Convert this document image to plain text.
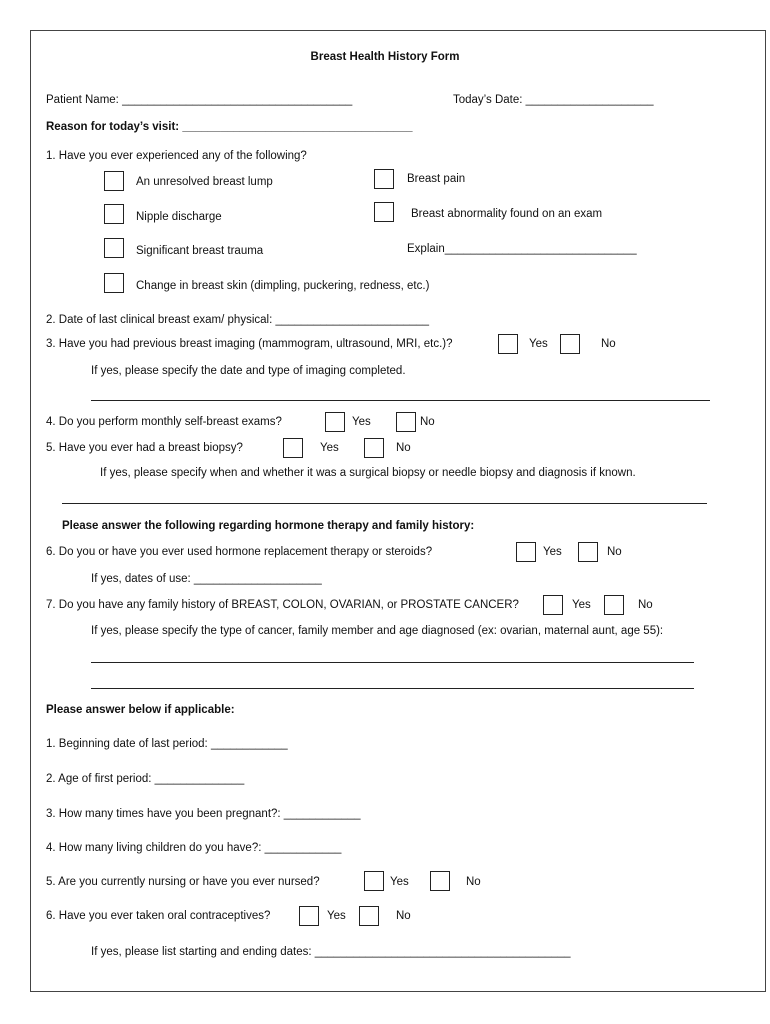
Breast Health History Form
Patient Name: ____________________________________	Today’s Date: ____________________
Reason for today’s visit: ____________________________________
1. Have you ever experienced any of the following?
An unresolved breast lump	Breast pain
Nipple discharge	Breast abnormality found on an exam
Significant breast trauma	Explain______________________________
Change in breast skin (dimpling, puckering, redness, etc.)
2. Date of last clinical breast exam/ physical: ________________________
3. Have you had previous breast imaging (mammogram, ultrasound, MRI, etc.)?	Yes	No
If yes, please specify the date and type of imaging completed.
4. Do you perform monthly self-breast exams?	Yes	No
5. Have you ever had a breast biopsy?	Yes	No
If yes, please specify when and whether it was a surgical biopsy or needle biopsy and diagnosis if known.
Please answer the following regarding hormone therapy and family history:
6. Do you or have you ever used hormone replacement therapy or steroids?	Yes	No
If yes, dates of use: ____________________
7. Do you have any family history of BREAST, COLON, OVARIAN, or PROSTATE CANCER?	Yes	No
If yes, please specify the type of cancer, family member and age diagnosed (ex: ovarian, maternal aunt, age 55):
Please answer below if applicable:
1. Beginning date of last period: ____________
2. Age of first period: ______________
3. How many times have you been pregnant?: ____________
4. How many living children do you have?: ____________
5. Are you currently nursing or have you ever nursed?	Yes	No
6. Have you ever taken oral contraceptives?	Yes	No
If yes, please list starting and ending dates: ________________________________________
